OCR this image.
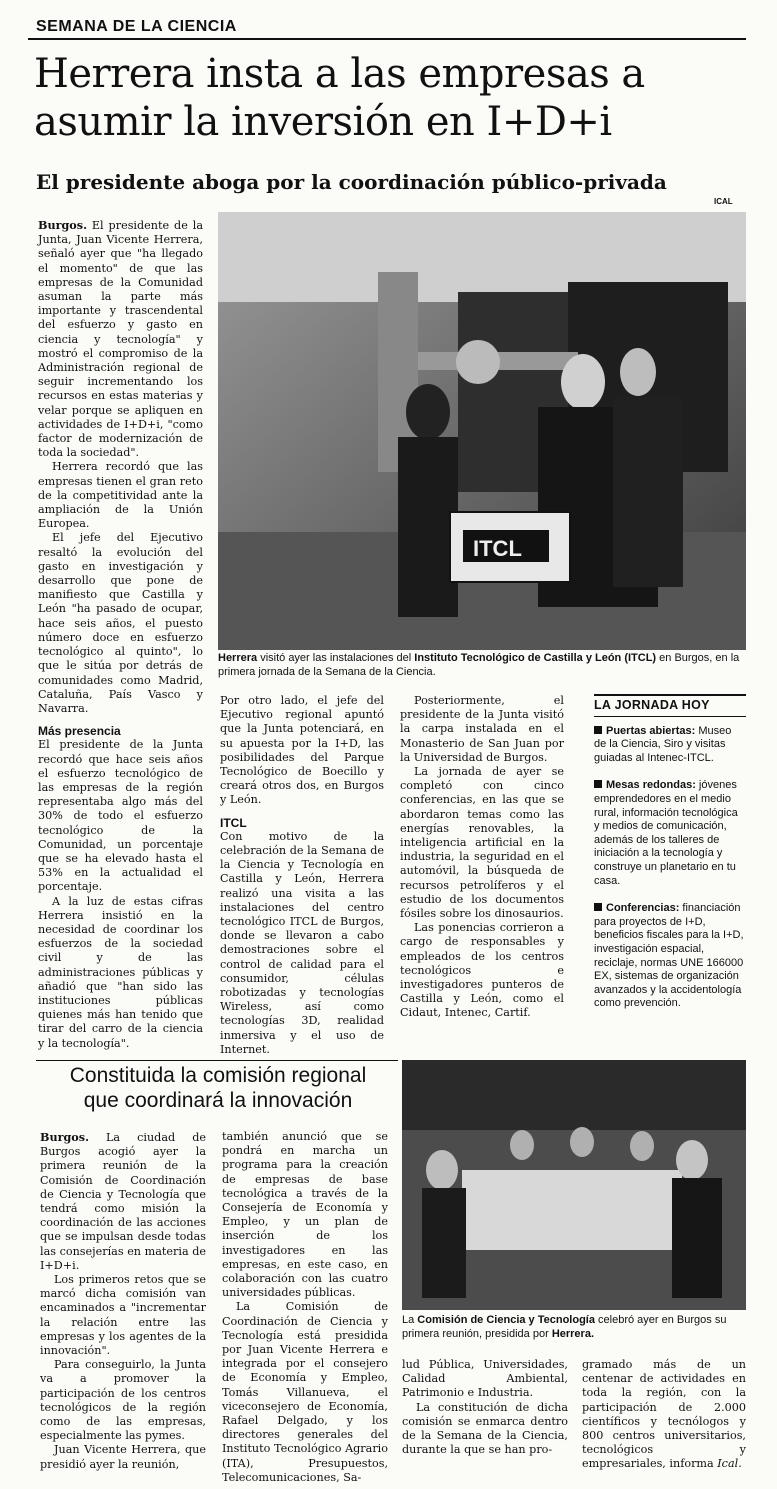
SEMANA DE LA CIENCIA
Herrera insta a las empresas a
asumir la inversión en I+D+i
El presidente aboga por la coordinación público-privada
ICAL

Burgos. El presidente de la Junta, Juan Vicente Herrera, señaló ayer que "ha llegado el momento" de que las empresas de la Comunidad asuman la parte más importante y trascendental del esfuerzo y gasto en ciencia y tecnología" y mostró el compromiso de la Administración regional de seguir incrementando los recursos en estas materias y velar porque se apliquen en actividades de I+D+i, "como factor de modernización de toda la sociedad".

Herrera recordó que las empresas tienen el gran reto de la competitividad ante la ampliación de la Unión Europea.

El jefe del Ejecutivo resaltó la evolución del gasto en investigación y desarrollo que pone de manifiesto que Castilla y León "ha pasado de ocupar, hace seis años, el puesto número doce en esfuerzo tecnológico al quinto", lo que le sitúa por detrás de comunidades como Madrid, Cataluña, País Vasco y Navarra.

Más presencia

El presidente de la Junta recordó que hace seis años el esfuerzo tecnológico de las empresas de la región representaba algo más del 30% de todo el esfuerzo tecnológico de la Comunidad, un porcentaje que se ha elevado hasta el 53% en la actualidad el porcentaje.

A la luz de estas cifras Herrera insistió en la necesidad de coordinar los esfuerzos de la sociedad civil y de las administraciones públicas y añadió que "han sido las instituciones públicas quienes más han tenido que tirar del carro de la ciencia y la tecnología".

ITCL
Herrera visitó ayer las instalaciones del Instituto Tecnológico de Castilla y León (ITCL) en Burgos, en la primera jornada de la Semana de la Ciencia.

Por otro lado, el jefe del Ejecutivo regional apuntó que la Junta potenciará, en su apuesta por la I+D, las posibilidades del Parque Tecnológico de Boecillo y creará otros dos, en Burgos y León.

ITCL

Con motivo de la celebración de la Semana de la Ciencia y Tecnología en Castilla y León, Herrera realizó una visita a las instalaciones del centro tecnológico ITCL de Burgos, donde se llevaron a cabo demostraciones sobre el control de calidad para el consumidor, células robotizadas y tecnologías Wireless, así como tecnologías 3D, realidad inmersiva y el uso de Internet.

Posteriormente, el presidente de la Junta visitó la carpa instalada en el Monasterio de San Juan por la Universidad de Burgos.

La jornada de ayer se completó con cinco conferencias, en las que se abordaron temas como las energías renovables, la inteligencia artificial en la industria, la seguridad en el automóvil, la búsqueda de recursos petrolíferos y el estudio de los documentos fósiles sobre los dinosaurios.

Las ponencias corrieron a cargo de responsables y empleados de los centros tecnológicos e investigadores punteros de Castilla y León, como el Cidaut, Intenec, Cartif.

LA JORNADA HOY
Puertas abiertas: Museo de la Ciencia, Siro y visitas guiadas al Intenec-ITCL.
Mesas redondas: jóvenes emprendedores en el medio rural, información tecnológica y medios de comunicación, además de los talleres de iniciación a la tecnología y construye un planetario en tu casa.
Conferencias: financiación para proyectos de I+D, beneficios fiscales para la I+D, investigación espacial, reciclaje, normas UNE 166000 EX, sistemas de organización avanzados y la accidentología como prevención.
Constituida la comisión regional
que coordinará la innovación
La Comisión de Ciencia y Tecnología celebró ayer en Burgos su primera reunión, presidida por Herrera.

Burgos. La ciudad de Burgos acogió ayer la primera reunión de la Comisión de Coordinación de Ciencia y Tecnología que tendrá como misión la coordinación de las acciones que se impulsan desde todas las consejerías en materia de I+D+i.

Los primeros retos que se marcó dicha comisión van encaminados a "incrementar la relación entre las empresas y los agentes de la innovación".

Para conseguirlo, la Junta va a promover la participación de los centros tecnológicos de la región como de las empresas, especialmente las pymes.

Juan Vicente Herrera, que presidió ayer la reunión,

también anunció que se pondrá en marcha un programa para la creación de empresas de base tecnológica a través de la Consejería de Economía y Empleo, y un plan de inserción de los investigadores en las empresas, en este caso, en colaboración con las cuatro universidades públicas.

La Comisión de Coordinación de Ciencia y Tecnología está presidida por Juan Vicente Herrera e integrada por el consejero de Economía y Empleo, Tomás Villanueva, el viceconsejero de Economía, Rafael Delgado, y los directores generales del Instituto Tecnológico Agrario (ITA), Presupuestos, Telecomunicaciones, Sa-

lud Pública, Universidades, Calidad Ambiental, Patrimonio e Industria.

La constitución de dicha comisión se enmarca dentro de la Semana de la Ciencia, durante la que se han pro-

gramado más de un centenar de actividades en toda la región, con la participación de 2.000 científicos y tecnólogos y 800 centros universitarios, tecnológicos y empresariales, informa Ical.
